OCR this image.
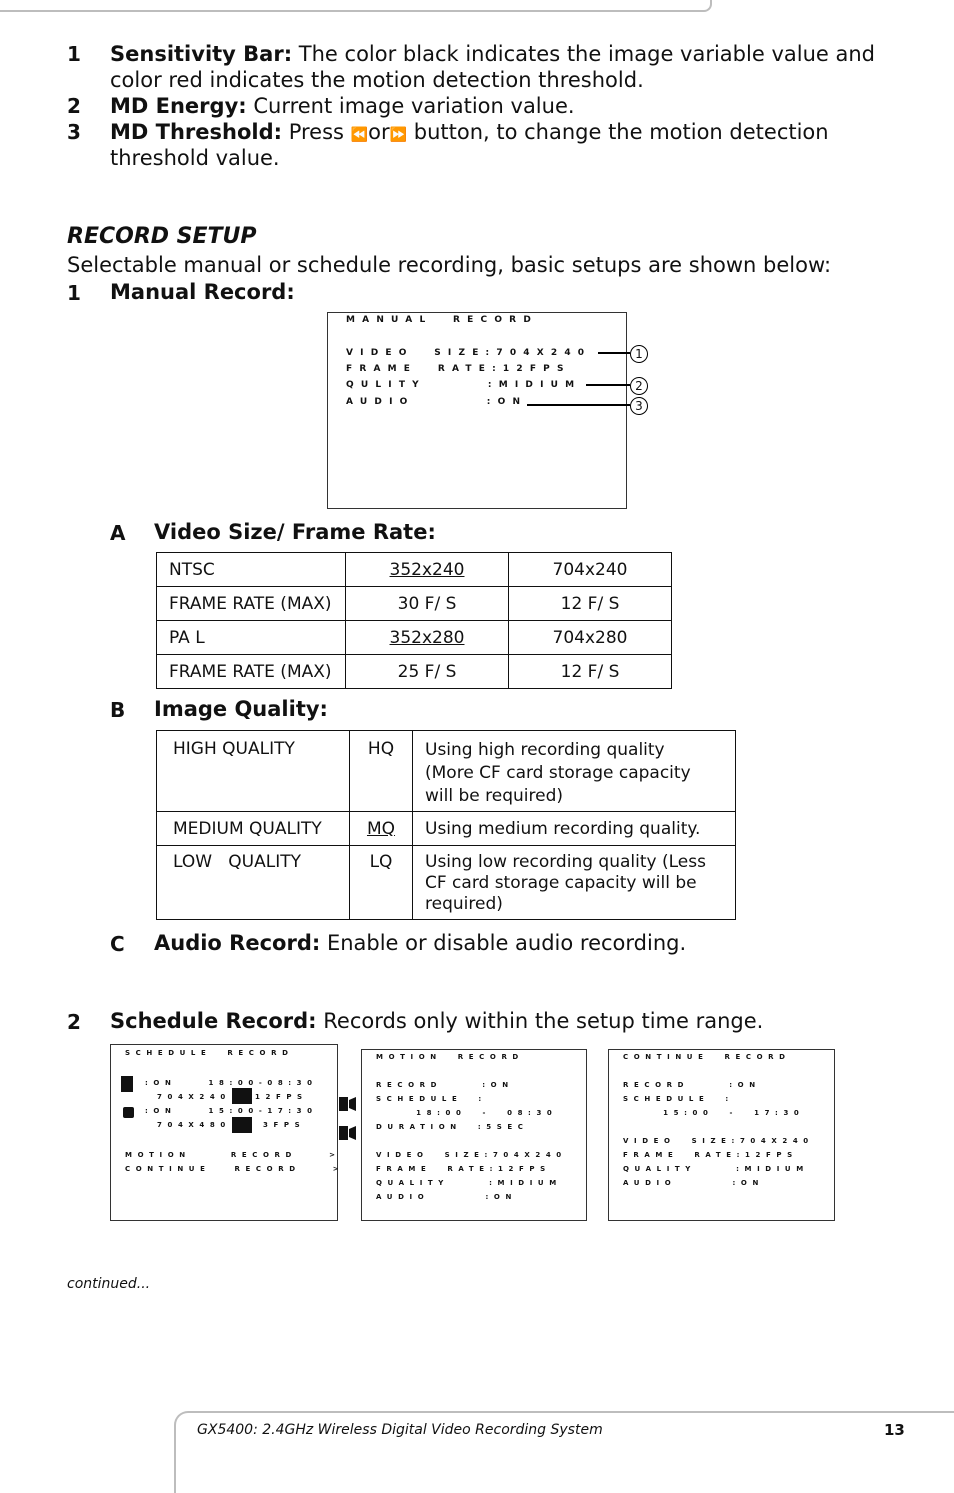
1 Sensitivity Bar: The color black indicates the image variable value and
color red indicates the motion detection threshold.
2 MD Energy: Current image variation value.
3 MD Threshold: Press ⏪or⏩ button, to change the motion detection
threshold value.
RECORD SETUP
Selectable manual or schedule recording, basic setups are shown below:
1 Manual Record:

MANUAL  RECORD

VIDEO  SIZE:704X240

FRAME  RATE:12FPS

QULITY      :MIDIUM

AUDIO       :ON

1
2
3
A Video Size/ Frame Rate:
NTSC	352x240	704x240
FRAME RATE (MAX)	30 F/ S	12 F/ S
PA L	352x280	704x280
FRAME RATE (MAX)	25 F/ S	12 F/ S
B Image Quality:
HIGH QUALITY	HQ	Using high recording quality
(More CF card storage capacity
will be required)

MEDIUM QUALITY	MQ	Using medium recording quality.
LOW   QUALITY	LQ	Using low recording quality (Less
CF card storage capacity will be
required)
C Audio Record: Enable or disable audio recording.
2 Schedule Record: Records only within the setup time range.

SCHEDULE  RECORD

:ON    18:00-08:30

704X240

	12FPS

:ON    15:00-17:30

704X480

	3FPS

MOTION     RECORD    >

CONTINUE   RECORD    >

MOTION  RECORD

RECORD     :ON

SCHEDULE  :

18:00  -  08:30

DURATION  :5SEC

VIDEO  SIZE:704X240

FRAME  RATE:12FPS

QUALITY     :MIDIUM

AUDIO       :ON

CONTINUE  RECORD

RECORD     :ON

SCHEDULE  :

15:00  -  17:30

VIDEO  SIZE:704X240

FRAME  RATE:12FPS

QUALITY     :MIDIUM

AUDIO       :ON

continued...
GX5400: 2.4GHz Wireless Digital Video Recording System	13
